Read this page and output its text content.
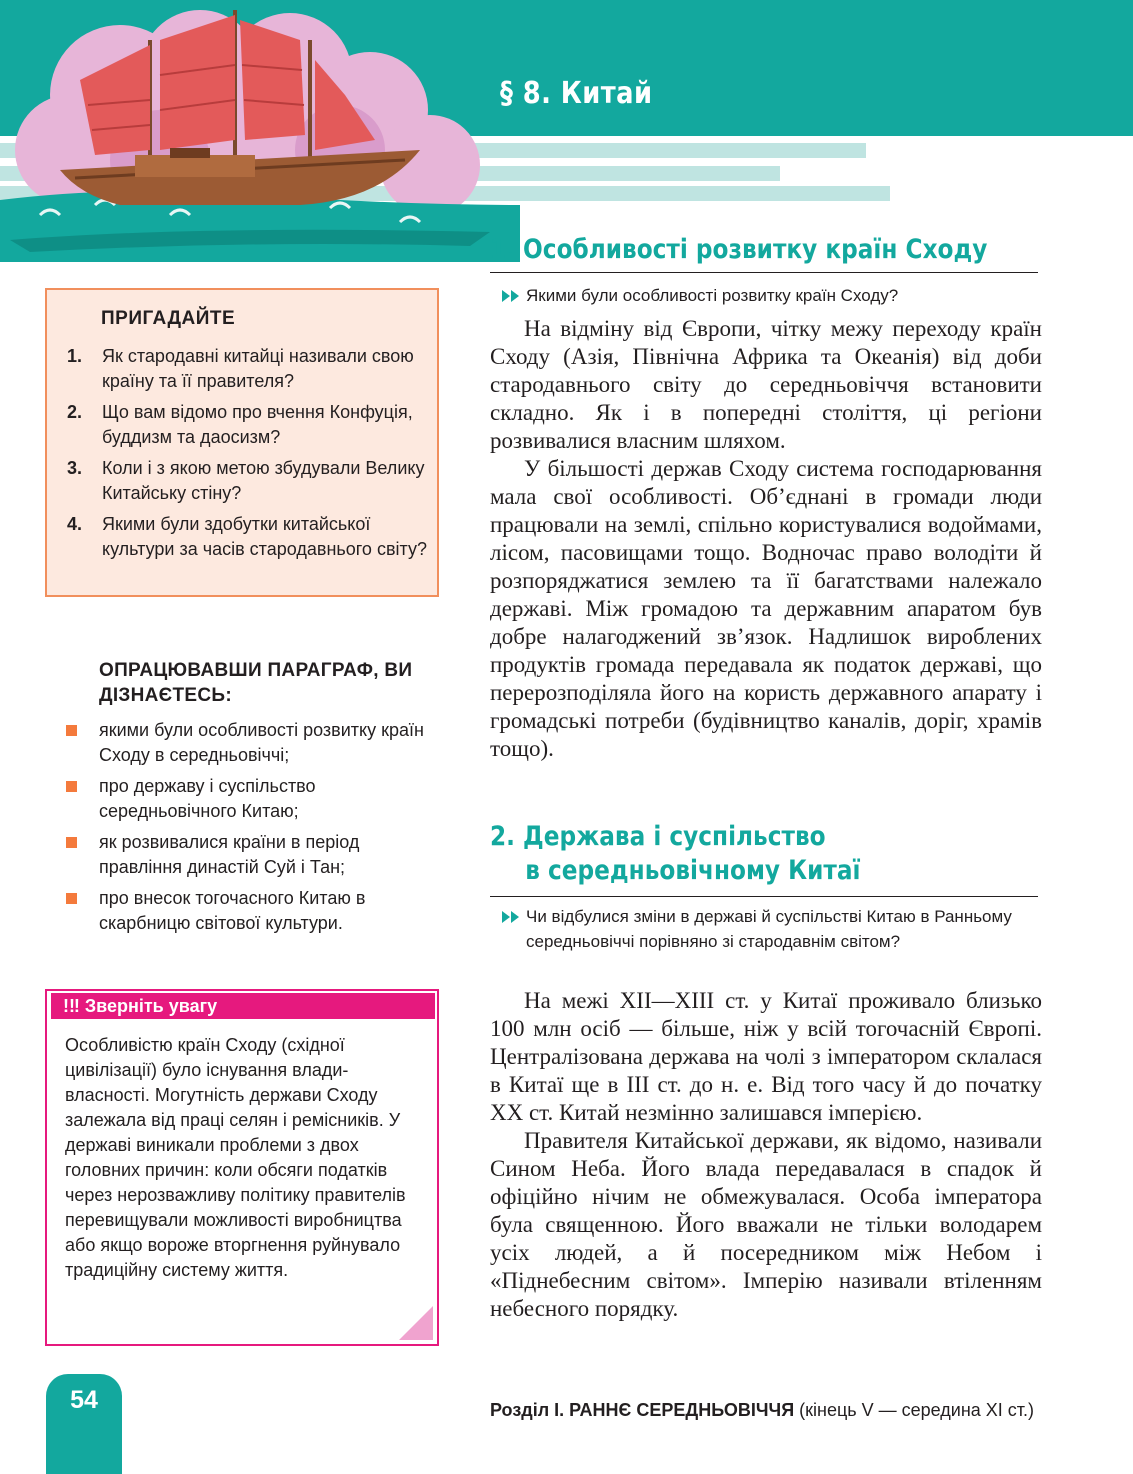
§ 8. Китай
ПРИГАДАЙТЕ
1. Як стародавні китайці називали свою країну та її правителя?
2. Що вам відомо про вчення Конфуція, буддизм та даосизм?
3. Коли і з якою метою збудували Велику Китайську стіну?
4. Якими були здобутки китайської культури за часів стародавнього світу?
ОПРАЦЮВАВШИ ПАРАГРАФ, ВИ ДІЗНАЄТЕСЬ:
якими були особливості розвитку країн Сходу в середньовіччі;
про державу і суспільство середньовічного Китаю;
як розвивалися країни в період правління династій Суй і Тан;
про внесок тогочасного Китаю в скарбницю світової культури.
!‼ Зверніть увагу
Особливістю країн Сходу (східної цивілізації) було існування влади-власності. Могутність держави Сходу залежала від праці селян і ремісників. У державі виникали проблеми з двох головних причин: коли обсяги податків через нерозважливу політику правителів перевищували можливості виробництва або якщо вороже вторгнення руйнувало традиційну систему життя.
54
1. Особливості розвитку країн Сходу
Якими були особливості розвитку країн Сходу?

На відміну від Європи, чітку межу переходу країн Сходу (Азія, Північна Африка та Океанія) від доби стародавнього світу до середньовіччя встановити складно. Як і в попередні століття, ці регіони розвивалися власним шляхом.

У більшості держав Сходу система господарювання мала свої особливості. Об’єднані в громади люди працювали на землі, спільно користувалися водоймами, лісом, пасовищами тощо. Водночас право володіти й розпоряджатися землею та її багатствами належало державі. Між громадою та державним апаратом був добре налагоджений зв’язок. Надлишок вироблених продуктів громада передавала як податок державі, що перерозподіляла його на користь державного апарату і громадські потреби (будівництво каналів, доріг, храмів тощо).

2. Держава і суспільство
в середньовічному Китаї
Чи відбулися зміни в державі й суспільстві Китаю в Ранньому середньовіччі порівняно зі стародавнім світом?

На межі XII—XIII ст. у Китаї проживало близько 100 млн осіб — більше, ніж у всій тогочасній Європі. Централізована держава на чолі з імператором склалася в Китаї ще в III ст. до н. е. Від того часу й до початку XX ст. Китай незмінно залишався імперією.

Правителя Китайської держави, як відомо, називали Сином Неба. Його влада передавалася в спадок й офіційно нічим не обмежувалася. Особа імператора була священною. Його вважали не тільки володарем усіх людей, а й посередником між Небом і «Піднебесним світом». Імперію називали втіленням небесного порядку.

Розділ І. РАННЄ СЕРЕДНЬОВІЧЧЯ (кінець V — середина XI ст.)
